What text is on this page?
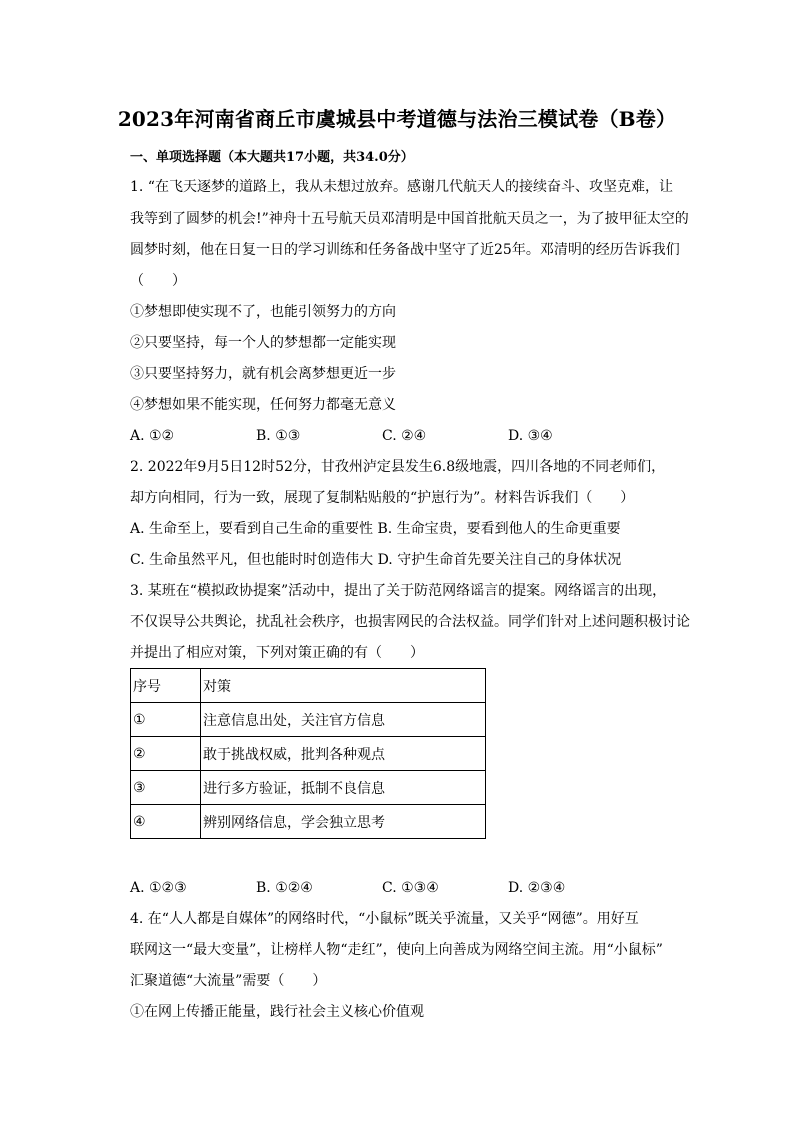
2023年河南省商丘市虞城县中考道德与法治三模试卷（B卷）
一、单项选择题（本大题共17小题，共34.0分）
1. “在飞天逐梦的道路上，我从未想过放弃。感谢几代航天人的接续奋斗、攻坚克难，让
我等到了圆梦的机会!”神舟十五号航天员邓清明是中国首批航天员之一，为了披甲征太空的
圆梦时刻，他在日复一日的学习训练和任务备战中坚守了近25年。邓清明的经历告诉我们
（　　）
①梦想即使实现不了，也能引领努力的方向
②只要坚持，每一个人的梦想都一定能实现
③只要坚持努力，就有机会离梦想更近一步
④梦想如果不能实现，任何努力都毫无意义
A. ①②	B. ①③	C. ②④	D. ③④
2. 2022年9月5日12时52分，甘孜州泸定县发生6.8级地震，四川各地的不同老师们，
却方向相同，行为一致，展现了复制粘贴般的“护崽行为”。材料告诉我们（　　）
A. 生命至上，要看到自己生命的重要性 B. 生命宝贵，要看到他人的生命更重要
C. 生命虽然平凡，但也能时时创造伟大 D. 守护生命首先要关注自己的身体状况
3. 某班在“模拟政协提案”活动中，提出了关于防范网络谣言的提案。网络谣言的出现，
不仅误导公共舆论，扰乱社会秩序，也损害网民的合法权益。同学们针对上述问题积极讨论
并提出了相应对策，下列对策正确的有（　　）
序号	对策
①	注意信息出处，关注官方信息
②	敢于挑战权威，批判各种观点
③	进行多方验证，抵制不良信息
④	辨别网络信息，学会独立思考
A. ①②③	B. ①②④	C. ①③④	D. ②③④
4. 在“人人都是自媒体”的网络时代，“小鼠标”既关乎流量，又关乎“网德”。用好互
联网这一“最大变量”，让榜样人物“走红”，使向上向善成为网络空间主流。用“小鼠标”
汇聚道德“大流量”需要（　　）
①在网上传播正能量，践行社会主义核心价值观
